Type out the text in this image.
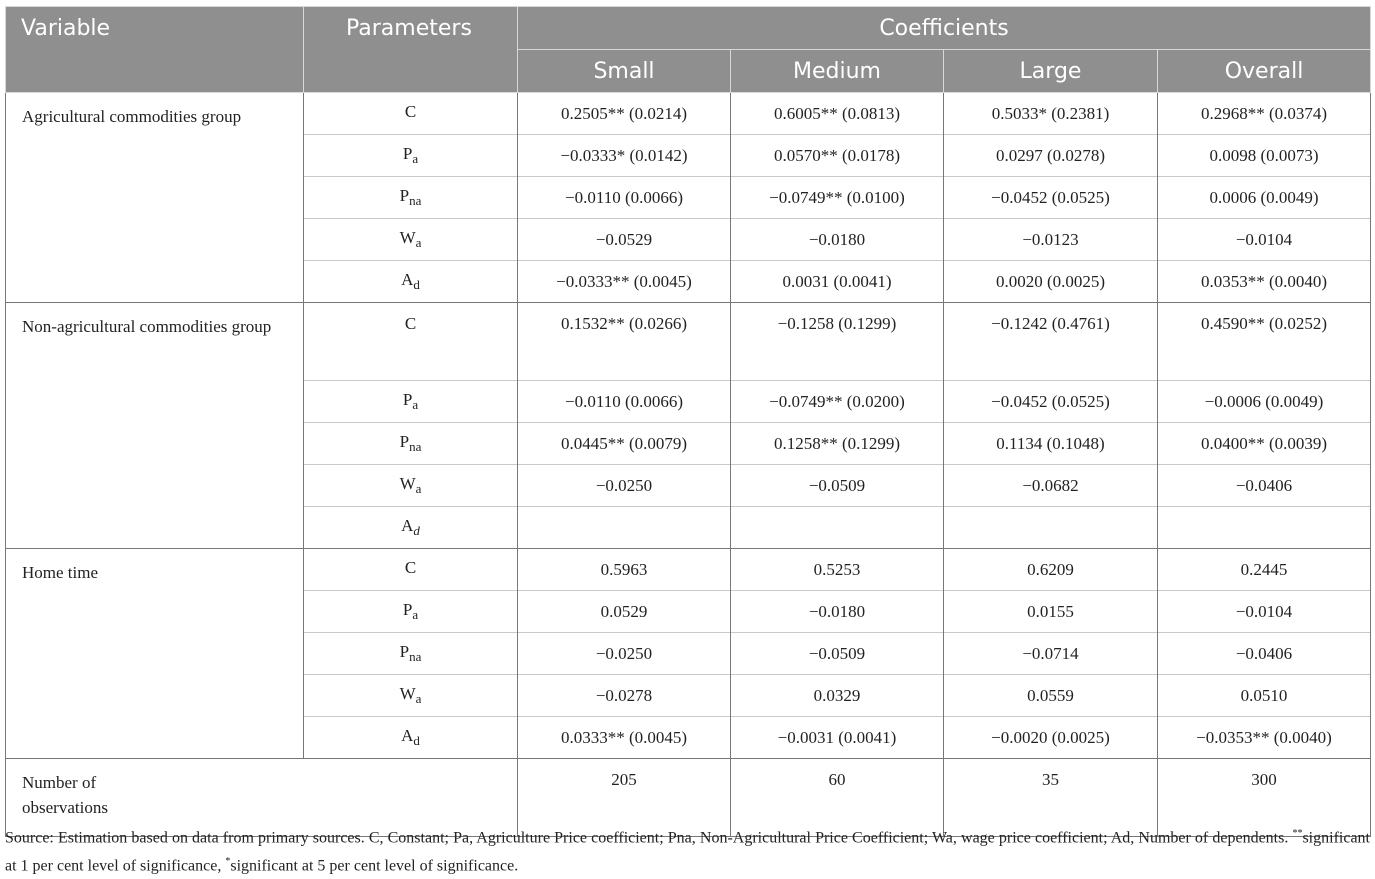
Variable	Parameters	Coefficients			
		Small	Medium	Large	Overall
Agricultural commodities group	C	0.2505** (0.0214)	0.6005** (0.0813)	0.5033* (0.2381)	0.2968** (0.0374)
	$P_a$	−0.0333* (0.0142)	0.0570** (0.0178)	0.0297 (0.0278)	0.0098 (0.0073)
	$P_{na}$	−0.0110 (0.0066)	−0.0749** (0.0100)	−0.0452 (0.0525)	0.0006 (0.0049)
	$W_a$	−0.0529	−0.0180	−0.0123	−0.0104
	$A_d$	−0.0333** (0.0045)	0.0031 (0.0041)	0.0020 (0.0025)	0.0353** (0.0040)
Non-agricultural commodities group	C	0.1532** (0.0266)	−0.1258 (0.1299)	−0.1242 (0.4761)	0.4590** (0.0252)
	$P_a$	−0.0110 (0.0066)	−0.0749** (0.0200)	−0.0452 (0.0525)	−0.0006 (0.0049)
	$P_{na}$	0.0445** (0.0079)	0.1258** (0.1299)	0.1134 (0.1048)	0.0400** (0.0039)
	$W_a$	−0.0250	−0.0509	−0.0682	−0.0406
	$A_d$				
Home time	C	0.5963	0.5253	0.6209	0.2445
	$P_a$	0.0529	−0.0180	0.0155	−0.0104
	$P_{na}$	−0.0250	−0.0509	−0.0714	−0.0406
	$W_a$	−0.0278	0.0329	0.0559	0.0510
	$A_d$	0.0333** (0.0045)	−0.0031 (0.0041)	−0.0020 (0.0025)	−0.0353** (0.0040)
Number of observations		205	60	35	300
Source: Estimation based on data from primary sources. C, Constant; Pa, Agriculture Price coefficient; Pna, Non-Agricultural Price Coefficient; Wa, wage price coefficient; Ad, Number of dependents. **significant at 1 per cent level of significance, *significant at 5 per cent level of significance.
